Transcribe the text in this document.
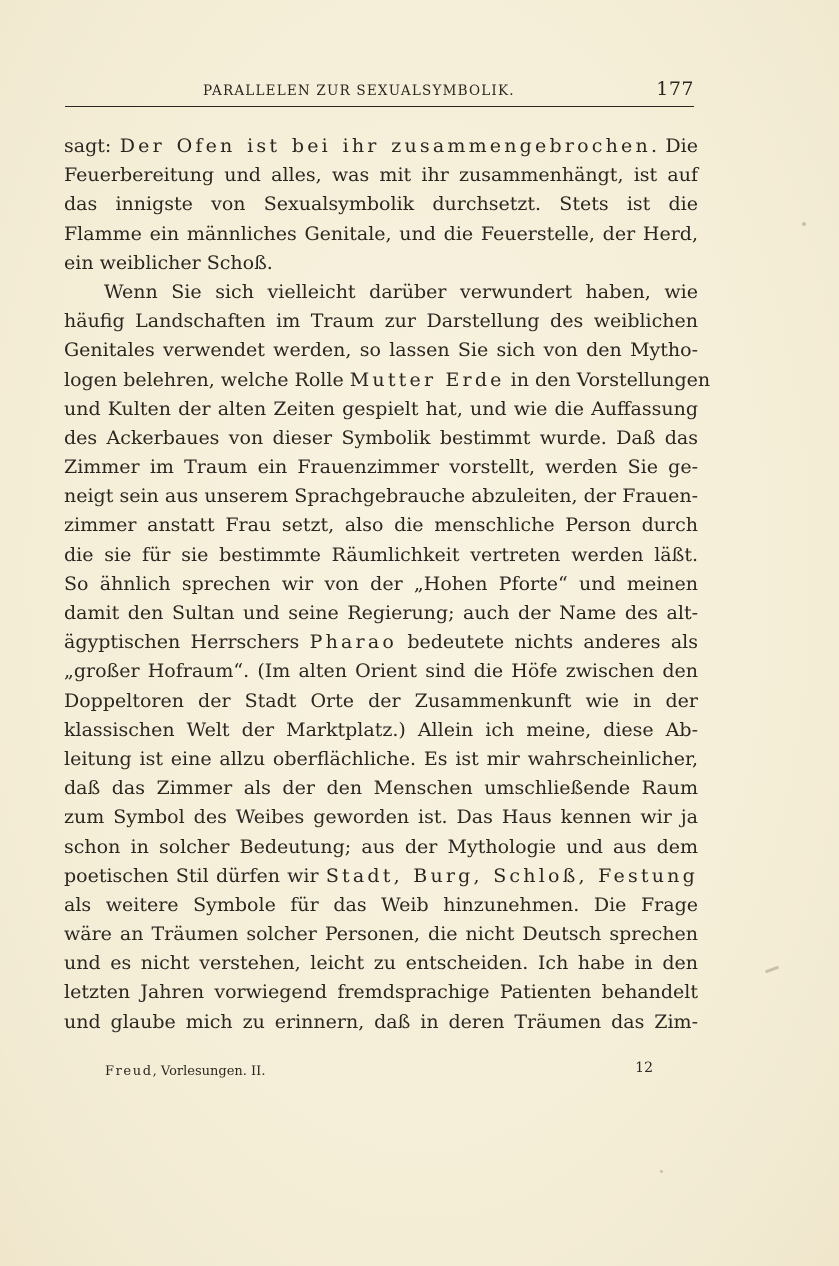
PARALLELEN ZUR SEXUALSYMBOLIK.	177
sagt: Der Ofen ist bei ihr zusammengebrochen. Die
Feuerbereitung und alles, was mit ihr zusammenhängt, ist auf
das innigste von Sexualsymbolik durchsetzt. Stets ist die
Flamme ein männliches Genitale, und die Feuerstelle, der Herd,
ein weiblicher Schoß.
Wenn Sie sich vielleicht darüber verwundert haben, wie
häufig Landschaften im Traum zur Darstellung des weiblichen
Genitales verwendet werden, so lassen Sie sich von den Mytho-
logen belehren, welche Rolle Mutter Erde in den Vorstellungen
und Kulten der alten Zeiten gespielt hat, und wie die Auffassung
des Ackerbaues von dieser Symbolik bestimmt wurde. Daß das
Zimmer im Traum ein Frauenzimmer vorstellt, werden Sie ge-
neigt sein aus unserem Sprachgebrauche abzuleiten, der Frauen-
zimmer anstatt Frau setzt, also die menschliche Person durch
die sie für sie bestimmte Räumlichkeit vertreten werden läßt.
So ähnlich sprechen wir von der „Hohen Pforte“ und meinen
damit den Sultan und seine Regierung; auch der Name des alt-
ägyptischen Herrschers Pharao bedeutete nichts anderes als
„großer Hofraum“. (Im alten Orient sind die Höfe zwischen den
Doppeltoren der Stadt Orte der Zusammenkunft wie in der
klassischen Welt der Marktplatz.) Allein ich meine, diese Ab-
leitung ist eine allzu oberflächliche. Es ist mir wahrscheinlicher,
daß das Zimmer als der den Menschen umschließende Raum
zum Symbol des Weibes geworden ist. Das Haus kennen wir ja
schon in solcher Bedeutung; aus der Mythologie und aus dem
poetischen Stil dürfen wir Stadt, Burg, Schloß, Festung
als weitere Symbole für das Weib hinzunehmen. Die Frage
wäre an Träumen solcher Personen, die nicht Deutsch sprechen
und es nicht verstehen, leicht zu entscheiden. Ich habe in den
letzten Jahren vorwiegend fremdsprachige Patienten behandelt
und glaube mich zu erinnern, daß in deren Träumen das Zim-
Freud, Vorlesungen. II.	12
